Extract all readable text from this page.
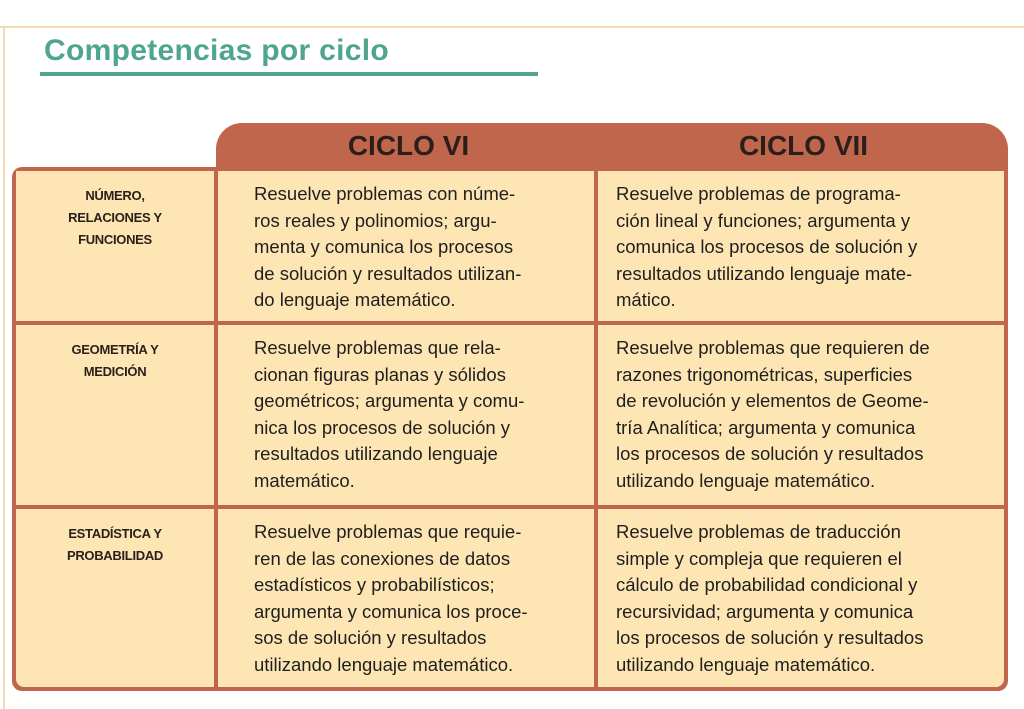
Competencias por ciclo
CICLO VI	CICLO VII
NÚMERO,
RELACIONES Y
FUNCIONES
Resuelve problemas con núme-
ros reales y polinomios; argu-
menta y comunica los procesos
de solución y resultados utilizan-
do lenguaje matemático.
Resuelve problemas de programa-
ción lineal y funciones; argumenta y
comunica los procesos de solución y
resultados utilizando lenguaje mate-
mático.
GEOMETRÍA Y
MEDICIÓN
Resuelve problemas que rela-
cionan figuras planas y sólidos
geométricos; argumenta y comu-
nica los procesos de solución y
resultados utilizando lenguaje
matemático.
Resuelve problemas que requieren de
razones trigonométricas, superficies
de revolución y elementos de Geome-
tría Analítica; argumenta y comunica
los procesos de solución y resultados
utilizando lenguaje matemático.
ESTADÍSTICA Y
PROBABILIDAD
Resuelve problemas que requie-
ren de las conexiones de datos
estadísticos y probabilísticos;
argumenta y comunica los proce-
sos de solución y resultados
utilizando lenguaje matemático.
Resuelve problemas de traducción
simple y compleja que requieren el
cálculo de probabilidad condicional y
recursividad; argumenta y comunica
los procesos de solución y resultados
utilizando lenguaje matemático.
